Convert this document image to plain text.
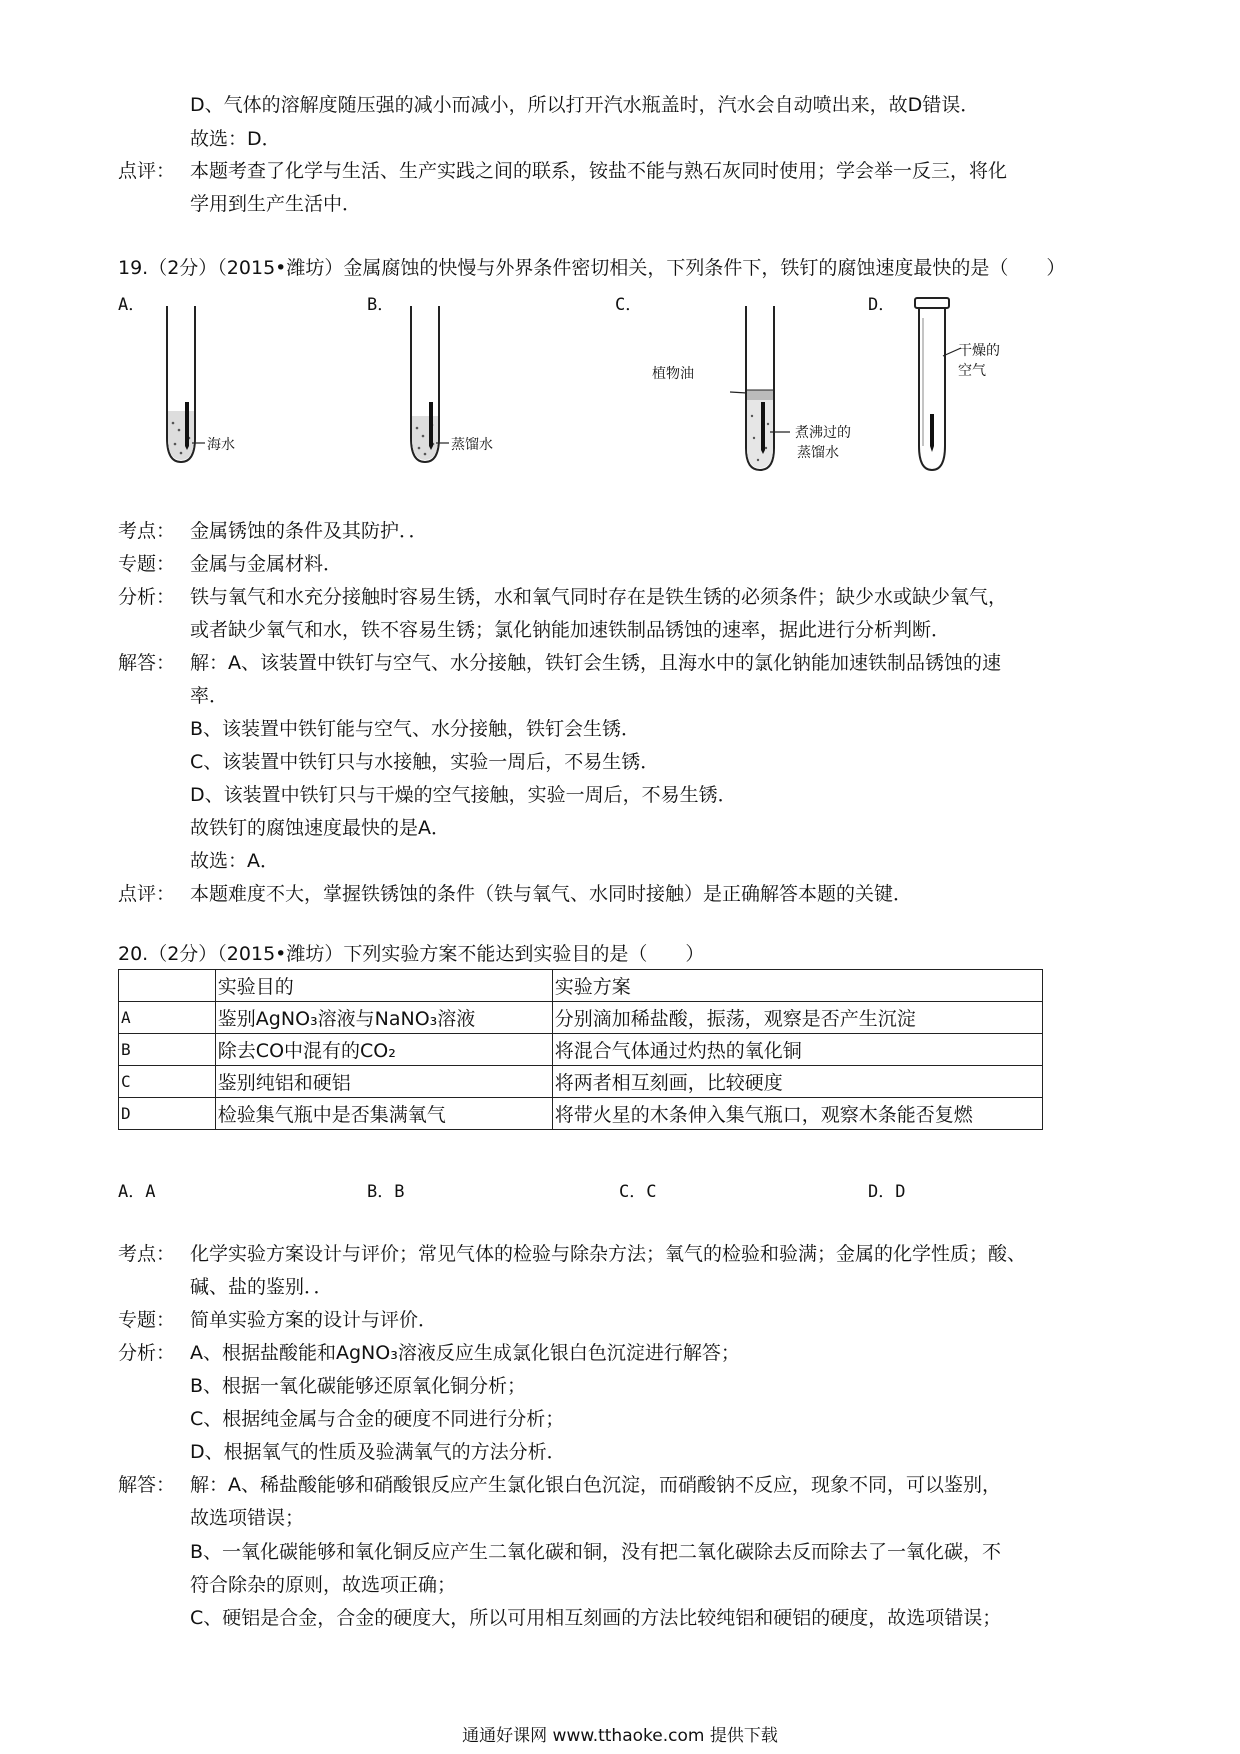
D、气体的溶解度随压强的减小而减小，所以打开汽水瓶盖时，汽水会自动喷出来，故D错误．
故选：D．
点评： 本题考查了化学与生活、生产实践之间的联系，铵盐不能与熟石灰同时使用；学会举一反三，将化
学用到生产生活中．
19.（2分）（2015•潍坊）金属腐蚀的快慢与外界条件密切相关，下列条件下，铁钉的腐蚀速度最快的是（　　）
A．	B．	C．	D．
海水	蒸馏水
植物油
煮沸过的
蒸馏水
干燥的
空气
考点： 金属锈蚀的条件及其防护．．
专题： 金属与金属材料．
分析： 铁与氧气和水充分接触时容易生锈，水和氧气同时存在是铁生锈的必须条件；缺少水或缺少氧气，
或者缺少氧气和水，铁不容易生锈；氯化钠能加速铁制品锈蚀的速率，据此进行分析判断．
解答： 解：A、该装置中铁钉与空气、水分接触，铁钉会生锈，且海水中的氯化钠能加速铁制品锈蚀的速
率．
B、该装置中铁钉能与空气、水分接触，铁钉会生锈．
C、该装置中铁钉只与水接触，实验一周后，不易生锈．
D、该装置中铁钉只与干燥的空气接触，实验一周后，不易生锈．
故铁钉的腐蚀速度最快的是A．
故选：A．
点评： 本题难度不大，掌握铁锈蚀的条件（铁与氧气、水同时接触）是正确解答本题的关键．
20.（2分）（2015•潍坊）下列实验方案不能达到实验目的是（　　）
	实验目的	实验方案
A	鉴别AgNO₃溶液与NaNO₃溶液	分别滴加稀盐酸，振荡，观察是否产生沉淀
B	除去CO中混有的CO₂	将混合气体通过灼热的氧化铜
C	鉴别纯铝和硬铝	将两者相互刻画，比较硬度
D	检验集气瓶中是否集满氧气	将带火星的木条伸入集气瓶口，观察木条能否复燃
A．A	B．B	C．C	D．D
考点： 化学实验方案设计与评价；常见气体的检验与除杂方法；氧气的检验和验满；金属的化学性质；酸、
碱、盐的鉴别．．
专题： 简单实验方案的设计与评价．
分析： A、根据盐酸能和AgNO₃溶液反应生成氯化银白色沉淀进行解答；
B、根据一氧化碳能够还原氧化铜分析；
C、根据纯金属与合金的硬度不同进行分析；
D、根据氧气的性质及验满氧气的方法分析．
解答： 解：A、稀盐酸能够和硝酸银反应产生氯化银白色沉淀，而硝酸钠不反应，现象不同，可以鉴别，
故选项错误；
B、一氧化碳能够和氧化铜反应产生二氧化碳和铜，没有把二氧化碳除去反而除去了一氧化碳，不
符合除杂的原则，故选项正确；
C、硬铝是合金，合金的硬度大，所以可用相互刻画的方法比较纯铝和硬铝的硬度，故选项错误；
通通好课网 www.tthaoke.com 提供下载
